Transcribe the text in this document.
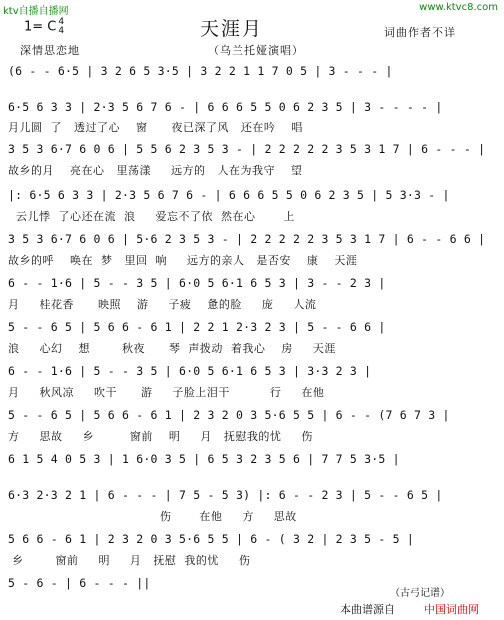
ktv自播自播网	www.ktvc8.com
天涯月
1= C 4
4	词曲作者不详
深情思恋地	（乌兰托娅演唱）
(6 - - 6·5 | 3 2 6 5 3·5 | 3 2 2 1 1 7 0 5 | 3 - - - |
6·5 6 3 3 | 2·3 5 6 7 6 - | 6 6 6 5 5 0 6 2 3 5 | 3 - - - - |
月儿圆  了   透过了心    窗      夜已深了风   还在吟    唱
3 5 3 6·7 6 0 6 | 5 5 6 2 3 5 3 - | 2 2 2 2 2 3 5 3 1 7 | 6 - - - |
故乡的月    亮在心   里荡漾     远方的   人在为我守    望
|: 6·5 6 3 3 | 2·3 5 6 7 6 - | 6 6 6 5 5 0 6 2 3 5 | 5 3·3 - |
云儿悸  了心还在流  浪     爱忘不了依  然在心       上
3 5 3 6·7 6 0 6 | 5·6 2 3 5 3 - | 2 2 2 2 2 3 5 3 1 7 | 6 - - 6 6 |
故乡的呼    唤在  梦   里回  响     远方的亲人   是否安    康    天涯
6 - - 1·6 | 5 - - 3 5 | 6·0 5 6·1 6 5 3 | 3 - - 2 3 |
月     桂花香      映照    游     子疲    惫的脸     庞     人流
5 - - 6 5 | 5 6 6 - 6 1 | 2 2 1 2·3 2 3 | 5 - - 6 6 |
浪     心幻    想        秋夜      琴  声拨动  着我心    房     天涯
6 - - 1·6 | 5 - - 3 5 | 6·0 5 6·1 6 5 3 | 3·3 2 3 |
月     秋风凉     吹干      游     子脸上泪干          行     在他
5 - - 6 5 | 5 6 6 - 6 1 | 2 3 2 0 3 5·6 5 5 | 6 - - (7 6 7 3 |
方     思故     乡         窗前    明     月   抚慰我的忧     伤
6 1 5 4 0 5 3 | 1 6·0 3 5 | 6 5 3 2 3 5 6 | 7 7 5 3·5 |
6·3 2·3 2 1 | 6 - - - | 7 5 - 5 3) |: 6 - - 2 3 | 5 - - 6 5 |
伤       在他     方     思故
5 6 6 - 6 1 | 2 3 2 0 3 5·6 5 5 | 6 - ( 3 2 | 2 3 5 - 5 |
乡        窗前     明     月   抚慰  我的忧     伤
5 - 6 - | 6 - - - ||
（古弓记谱）
本曲谱源自	中国词曲网
